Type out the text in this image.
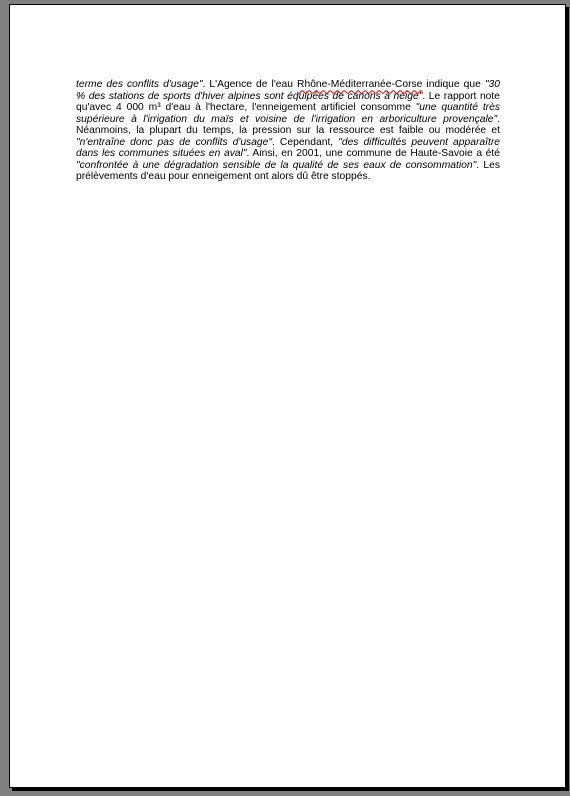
terme des conflits d'usage". L'Agence de l'eau Rhône-Méditerranée-Corse indique que "30 % des stations de sports d'hiver alpines sont équipées de canons à neige". Le rapport note qu'avec 4 000 m³ d'eau à l'hectare, l'enneigement artificiel consomme "une quantité très supérieure à l'irrigation du maïs et voisine de l'irrigation en arboriculture provençale". Néanmoins, la plupart du temps, la pression sur la ressource est faible ou modérée et "n'entraîne donc pas de conflits d'usage". Cependant, "des difficultés peuvent apparaître dans les communes situées en aval". Ainsi, en 2001, une commune de Haute-Savoie a été "confrontée à une dégradation sensible de la qualité de ses eaux de consommation". Les prélèvements d'eau pour enneigement ont alors dû être stoppés.
